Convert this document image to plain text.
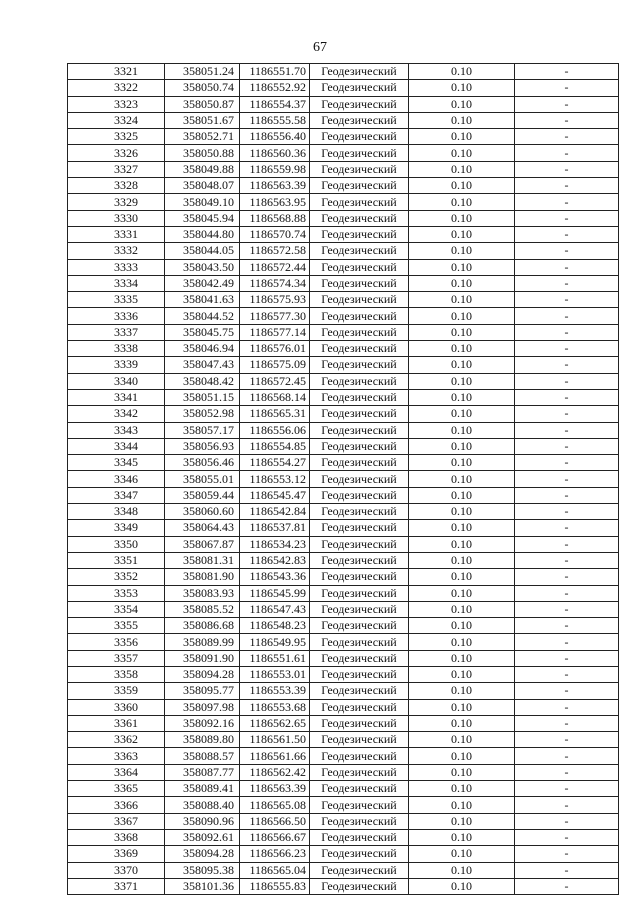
67
3321	358051.24	1186551.70	Геодезический	0.10	-
3322	358050.74	1186552.92	Геодезический	0.10	-
3323	358050.87	1186554.37	Геодезический	0.10	-
3324	358051.67	1186555.58	Геодезический	0.10	-
3325	358052.71	1186556.40	Геодезический	0.10	-
3326	358050.88	1186560.36	Геодезический	0.10	-
3327	358049.88	1186559.98	Геодезический	0.10	-
3328	358048.07	1186563.39	Геодезический	0.10	-
3329	358049.10	1186563.95	Геодезический	0.10	-
3330	358045.94	1186568.88	Геодезический	0.10	-
3331	358044.80	1186570.74	Геодезический	0.10	-
3332	358044.05	1186572.58	Геодезический	0.10	-
3333	358043.50	1186572.44	Геодезический	0.10	-
3334	358042.49	1186574.34	Геодезический	0.10	-
3335	358041.63	1186575.93	Геодезический	0.10	-
3336	358044.52	1186577.30	Геодезический	0.10	-
3337	358045.75	1186577.14	Геодезический	0.10	-
3338	358046.94	1186576.01	Геодезический	0.10	-
3339	358047.43	1186575.09	Геодезический	0.10	-
3340	358048.42	1186572.45	Геодезический	0.10	-
3341	358051.15	1186568.14	Геодезический	0.10	-
3342	358052.98	1186565.31	Геодезический	0.10	-
3343	358057.17	1186556.06	Геодезический	0.10	-
3344	358056.93	1186554.85	Геодезический	0.10	-
3345	358056.46	1186554.27	Геодезический	0.10	-
3346	358055.01	1186553.12	Геодезический	0.10	-
3347	358059.44	1186545.47	Геодезический	0.10	-
3348	358060.60	1186542.84	Геодезический	0.10	-
3349	358064.43	1186537.81	Геодезический	0.10	-
3350	358067.87	1186534.23	Геодезический	0.10	-
3351	358081.31	1186542.83	Геодезический	0.10	-
3352	358081.90	1186543.36	Геодезический	0.10	-
3353	358083.93	1186545.99	Геодезический	0.10	-
3354	358085.52	1186547.43	Геодезический	0.10	-
3355	358086.68	1186548.23	Геодезический	0.10	-
3356	358089.99	1186549.95	Геодезический	0.10	-
3357	358091.90	1186551.61	Геодезический	0.10	-
3358	358094.28	1186553.01	Геодезический	0.10	-
3359	358095.77	1186553.39	Геодезический	0.10	-
3360	358097.98	1186553.68	Геодезический	0.10	-
3361	358092.16	1186562.65	Геодезический	0.10	-
3362	358089.80	1186561.50	Геодезический	0.10	-
3363	358088.57	1186561.66	Геодезический	0.10	-
3364	358087.77	1186562.42	Геодезический	0.10	-
3365	358089.41	1186563.39	Геодезический	0.10	-
3366	358088.40	1186565.08	Геодезический	0.10	-
3367	358090.96	1186566.50	Геодезический	0.10	-
3368	358092.61	1186566.67	Геодезический	0.10	-
3369	358094.28	1186566.23	Геодезический	0.10	-
3370	358095.38	1186565.04	Геодезический	0.10	-
3371	358101.36	1186555.83	Геодезический	0.10	-
